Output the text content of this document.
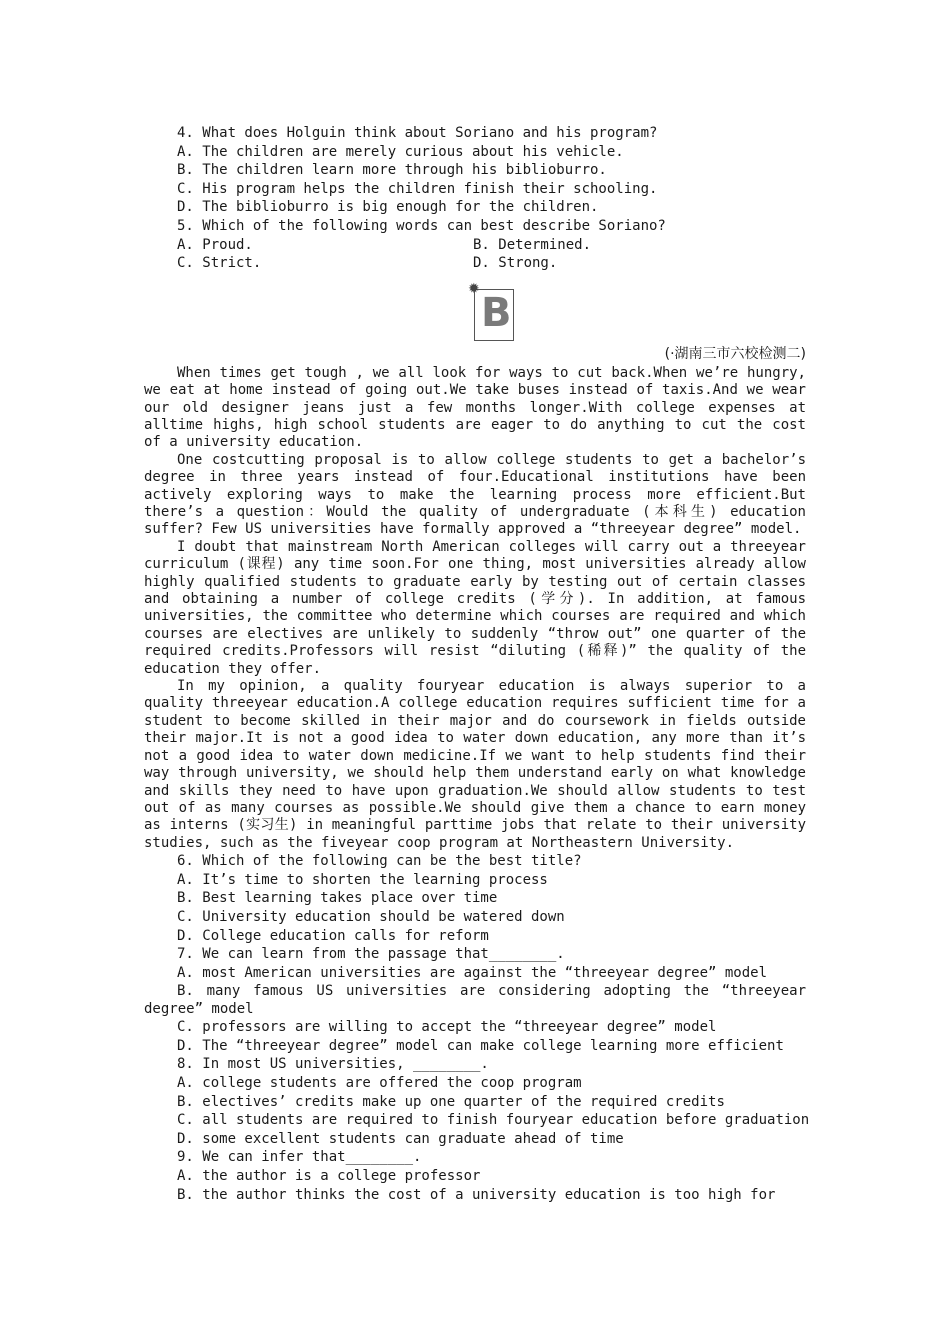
4. What does Holguin think about Soriano and his program?
A. The children are merely curious about his vehicle.
B. The children learn more through his biblioburro.
C. His program helps the children finish their schooling.
D. The biblioburro is big enough for the children.
5. Which of the following words can best describe Soriano?
A. Proud.	B. Determined.
C. Strict.	D. Strong.
✹
B
(·湖南三市六校检测二)

When times get tough , we all look for ways to cut back.When we’re hungry, we eat at home instead of going out.We take buses instead of taxis.And we wear our old designer jeans just a few months longer.With college expenses at alltime highs, high school students are eager to do anything to cut the cost of a university education.

One costcutting proposal is to allow college students to get a bachelor’s degree in three years instead of four.Educational institutions have been actively exploring ways to make the learning process more efficient.But there’s a question：Would the quality of undergraduate (本科生) education suffer? Few US universities have formally approved a “threeyear degree” model.

I doubt that mainstream North American colleges will carry out a threeyear curriculum (课程) any time soon.For one thing, most universities already allow highly qualified students to graduate early by testing out of certain classes and obtaining a number of college credits (学分). In addition, at famous universities, the committee who determine which courses are required and which courses are electives are unlikely to suddenly “throw out” one quarter of the required credits.Professors will resist “diluting (稀释)” the quality of the education they offer.

In my opinion, a quality fouryear education is always superior to a quality threeyear education.A college education requires sufficient time for a student to become skilled in their major and do coursework in fields outside their major.It is not a good idea to water down education, any more than it’s not a good idea to water down medicine.If we want to help students find their way through university, we should help them understand early on what knowledge and skills they need to have upon graduation.We should allow students to test out of as many courses as possible.We should give them a chance to earn money as interns (实习生) in meaningful parttime jobs that relate to their university studies, such as the fiveyear coop program at Northeastern University.

6. Which of the following can be the best title?
A. It’s time to shorten the learning process
B. Best learning takes place over time
C. University education should be watered down
D. College education calls for reform
7. We can learn from the passage that________.
A. most American universities are against the “threeyear degree” model

B. many famous US universities are considering adopting the “threeyear degree” model

C. professors are willing to accept the “threeyear degree” model
D. The “threeyear degree” model can make college learning more efficient
8. In most US universities, ________.
A. college students are offered the coop program
B. electives’ credits make up one quarter of the required credits
C. all students are required to finish fouryear education before graduation
D. some excellent students can graduate ahead of time
9. We can infer that________.
A. the author is a college professor
B. the author thinks the cost of a university education is too high for
